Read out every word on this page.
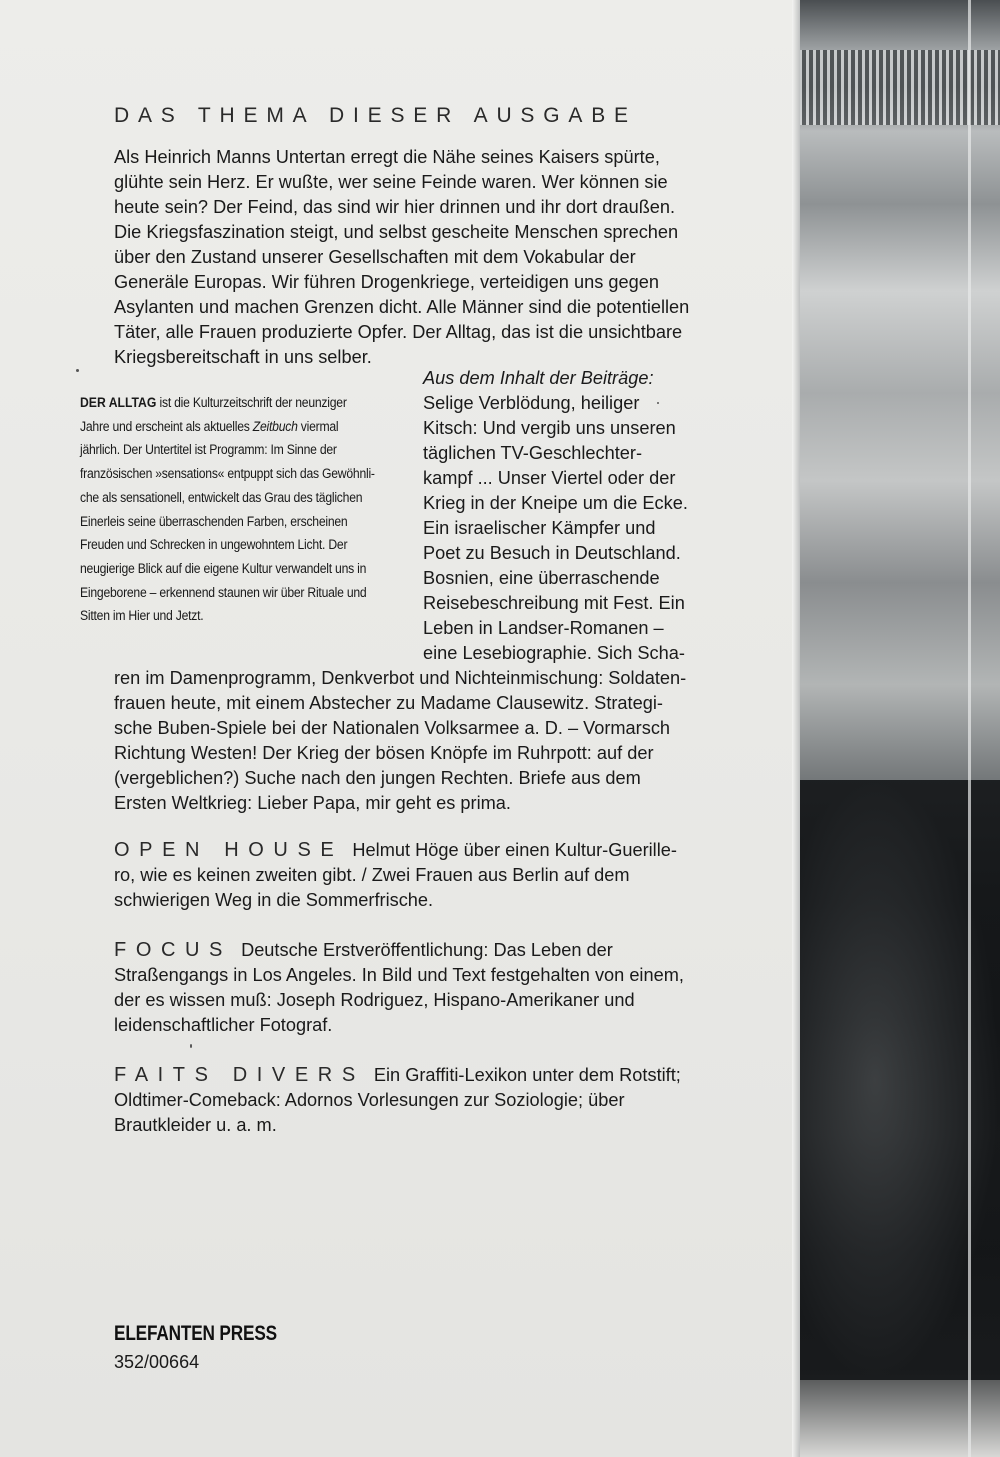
DAS THEMA DIESER AUSGABE
Als Heinrich Manns Untertan erregt die Nähe seines Kaisers spürte,
glühte sein Herz. Er wußte, wer seine Feinde waren. Wer können sie
heute sein? Der Feind, das sind wir hier drinnen und ihr dort draußen.
Die Kriegsfaszination steigt, und selbst gescheite Menschen sprechen
über den Zustand unserer Gesellschaften mit dem Vokabular der
Generäle Europas. Wir führen Drogenkriege, verteidigen uns gegen
Asylanten und machen Grenzen dicht. Alle Männer sind die potentiellen
Täter, alle Frauen produzierte Opfer. Der Alltag, das ist die unsichtbare
Kriegsbereitschaft in uns selber.
DER ALLTAG ist die Kulturzeitschrift der neunziger
Jahre und erscheint als aktuelles Zeitbuch viermal
jährlich. Der Untertitel ist Programm: Im Sinne der
französischen »sensations« entpuppt sich das Gewöhnli-
che als sensationell, entwickelt das Grau des täglichen
Einerleis seine überraschenden Farben, erscheinen
Freuden und Schrecken in ungewohntem Licht. Der
neugierige Blick auf die eigene Kultur verwandelt uns in
Eingeborene – erkennend staunen wir über Rituale und
Sitten im Hier und Jetzt.
Aus dem Inhalt der Beiträge:
Selige Verblödung, heiliger
Kitsch: Und vergib uns unseren
täglichen TV-Geschlechter-
kampf ... Unser Viertel oder der
Krieg in der Kneipe um die Ecke.
Ein israelischer Kämpfer und
Poet zu Besuch in Deutschland.
Bosnien, eine überraschende
Reisebeschreibung mit Fest. Ein
Leben in Landser-Romanen –
eine Lesebiographie. Sich Scha-
ren im Damenprogramm, Denkverbot und Nichteinmischung: Soldaten-
frauen heute, mit einem Abstecher zu Madame Clausewitz. Strategi-
sche Buben-Spiele bei der Nationalen Volksarmee a. D. – Vormarsch
Richtung Westen! Der Krieg der bösen Knöpfe im Ruhrpott: auf der
(vergeblichen?) Suche nach den jungen Rechten. Briefe aus dem
Ersten Weltkrieg: Lieber Papa, mir geht es prima.
OPEN HOUSE Helmut Höge über einen Kultur-Guerille-
ro, wie es keinen zweiten gibt. / Zwei Frauen aus Berlin auf dem
schwierigen Weg in die Sommerfrische.
FOCUS Deutsche Erstveröffentlichung: Das Leben der
Straßengangs in Los Angeles. In Bild und Text festgehalten von einem,
der es wissen muß: Joseph Rodriguez, Hispano-Amerikaner und
leidenschaftlicher Fotograf.
FAITS DIVERS Ein Graffiti-Lexikon unter dem Rotstift;
Oldtimer-Comeback: Adornos Vorlesungen zur Soziologie; über
Brautkleider u. a. m.
ELEFANTEN PRESS
352/00664
